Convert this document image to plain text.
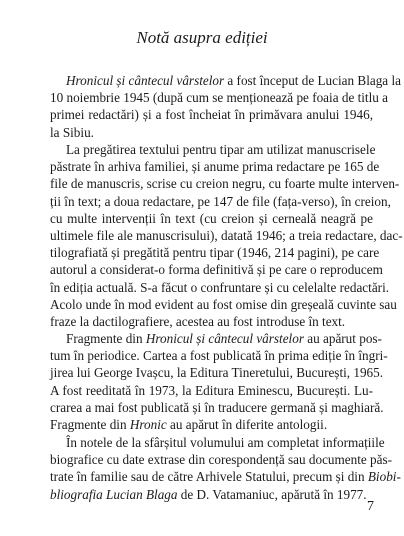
Notă asupra ediției
Hronicul și cântecul vârstelor a fost început de Lucian Blaga la
10 noiembrie 1945 (după cum se menționează pe foaia de titlu a
primei redactări) și a fost încheiat în primăvara anului 1946,
la Sibiu.
La pregătirea textului pentru tipar am utilizat manuscrisele
păstrate în arhiva familiei, și anume prima redactare pe 165 de
file de manuscris, scrise cu creion negru, cu foarte multe interven-
ții în text; a doua redactare, pe 147 de file (fața-verso), în creion,
cu multe intervenții în text (cu creion și cerneală neagră pe
ultimele file ale manuscrisului), datată 1946; a treia redactare, dac-
tilografiată și pregătită pentru tipar (1946, 214 pagini), pe care
autorul a considerat-o forma definitivă și pe care o reproducem
în ediția actuală. S-a făcut o confruntare și cu celelalte redactări.
Acolo unde în mod evident au fost omise din greșeală cuvinte sau
fraze la dactilografiere, acestea au fost introduse în text.
Fragmente din Hronicul și cântecul vârstelor au apărut pos-
tum în periodice. Cartea a fost publicată în prima ediție în îngri-
jirea lui George Ivașcu, la Editura Tineretului, București, 1965.
A fost reeditată în 1973, la Editura Eminescu, București. Lu-
crarea a mai fost publicată și în traducere germană și maghiară.
Fragmente din Hronic au apărut în diferite antologii.
În notele de la sfârșitul volumului am completat informațiile
biografice cu date extrase din corespondență sau documente păs-
trate în familie sau de către Arhivele Statului, precum și din Biobi-
bliografia Lucian Blaga de D. Vatamaniuc, apărută în 1977.
7
